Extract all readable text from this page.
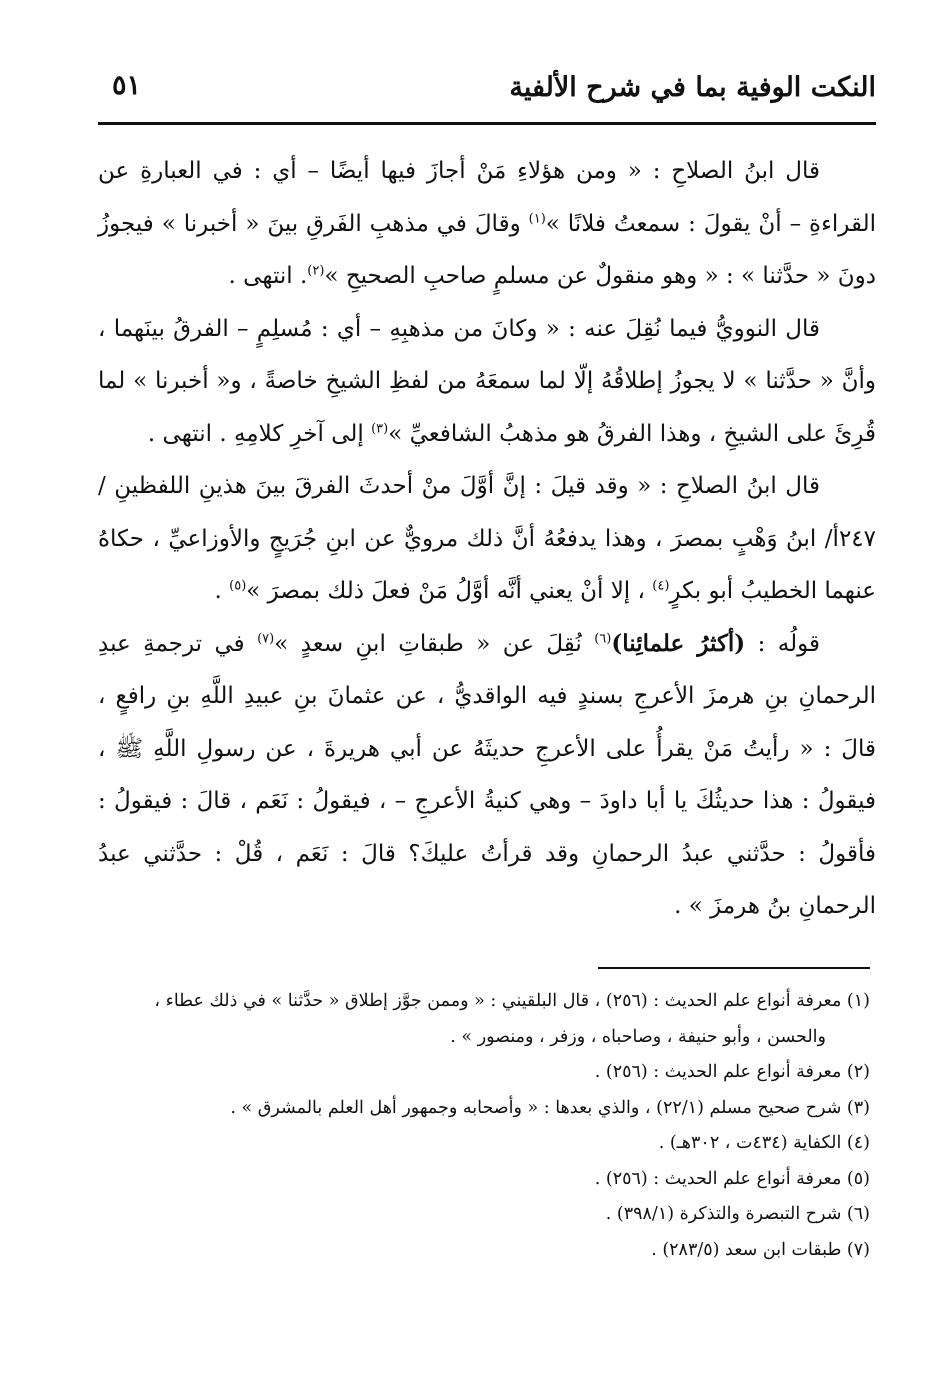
النكت الوفية بما في شرح الألفية
٥١

قال ابنُ الصلاحِ : « ومن هؤلاءِ مَنْ أجازَ فيها أيضًا – أي : في العبارةِ عن القراءةِ – أنْ يقولَ : سمعتُ فلانًا »$^{(١)}$ وقالَ في مذهبِ الفَرقِ بينَ « أخبرنا » فيجوزُ دونَ « حدَّثنا » : « وهو منقولٌ عن مسلمٍ صاحبِ الصحيحِ »$^{(٢)}$. انتهى .

قال النوويُّ فيما نُقِلَ عنه : « وكانَ من مذهبِهِ – أي : مُسلِمٍ – الفرقُ بينَهما ، وأنَّ « حدَّثنا » لا يجوزُ إطلاقُهُ إلّا لما سمعَهُ من لفظِ الشيخِ خاصةً ، و« أخبرنا » لما قُرِئَ على الشيخِ ، وهذا الفرقُ هو مذهبُ الشافعيِّ »$^{(٣)}$ إلى آخرِ كلامِهِ . انتهى .

قال ابنُ الصلاحِ : « وقد قيلَ : إنَّ أوَّلَ منْ أحدثَ الفرقَ بينَ هذينِ اللفظينِ /٢٤٧أ/ ابنُ وَهْبٍ بمصرَ ، وهذا يدفعُهُ أنَّ ذلك مرويٌّ عن ابنِ جُرَيجٍ والأوزاعيِّ ، حكاهُ عنهما الخطيبُ أبو بكرٍ$^{(٤)}$ ، إلا أنْ يعني أنَّه أوَّلُ مَنْ فعلَ ذلك بمصرَ »$^{(٥)}$ .

قولُه : (أكثرُ علمائِنا)$^{(٦)}$ نُقِلَ عن « طبقاتِ ابنِ سعدٍ »$^{(٧)}$ في ترجمةِ عبدِ الرحمانِ بنِ هرمزَ الأعرجِ بسندٍ فيه الواقديُّ ، عن عثمانَ بنِ عبيدِ اللَّهِ بنِ رافعٍ ، قالَ : « رأيتُ مَنْ يقرأُ على الأعرجِ حديثَهُ عن أبي هريرةَ ، عن رسولِ اللَّهِ ﷺ ، فيقولُ : هذا حديثُكَ يا أبا داودَ – وهي كنيةُ الأعرجِ – ، فيقولُ : نَعَم ، قالَ : فيقولُ : فأقولُ : حدَّثني عبدُ الرحمانِ وقد قرأتُ عليكَ؟ قالَ : نَعَم ، قُلْ : حدَّثني عبدُ الرحمانِ بنُ هرمزَ » .

(١) معرفة أنواع علم الحديث : (٢٥٦) ، قال البلقيني : « وممن جوَّز إطلاق « حدَّثنا » في ذلك عطاء ،
والحسن ، وأبو حنيفة ، وصاحباه ، وزفر ، ومنصور » .
(٢) معرفة أنواع علم الحديث : (٢٥٦) .
(٣) شرح صحيح مسلم (٢٢/١) ، والذي بعدها : « وأصحابه وجمهور أهل العلم بالمشرق » .
(٤) الكفاية (٤٣٤ت ، ٣٠٢هـ) .
(٥) معرفة أنواع علم الحديث : (٢٥٦) .
(٦) شرح التبصرة والتذكرة (٣٩٨/١) .
(٧) طبقات ابن سعد (٢٨٣/٥) .
